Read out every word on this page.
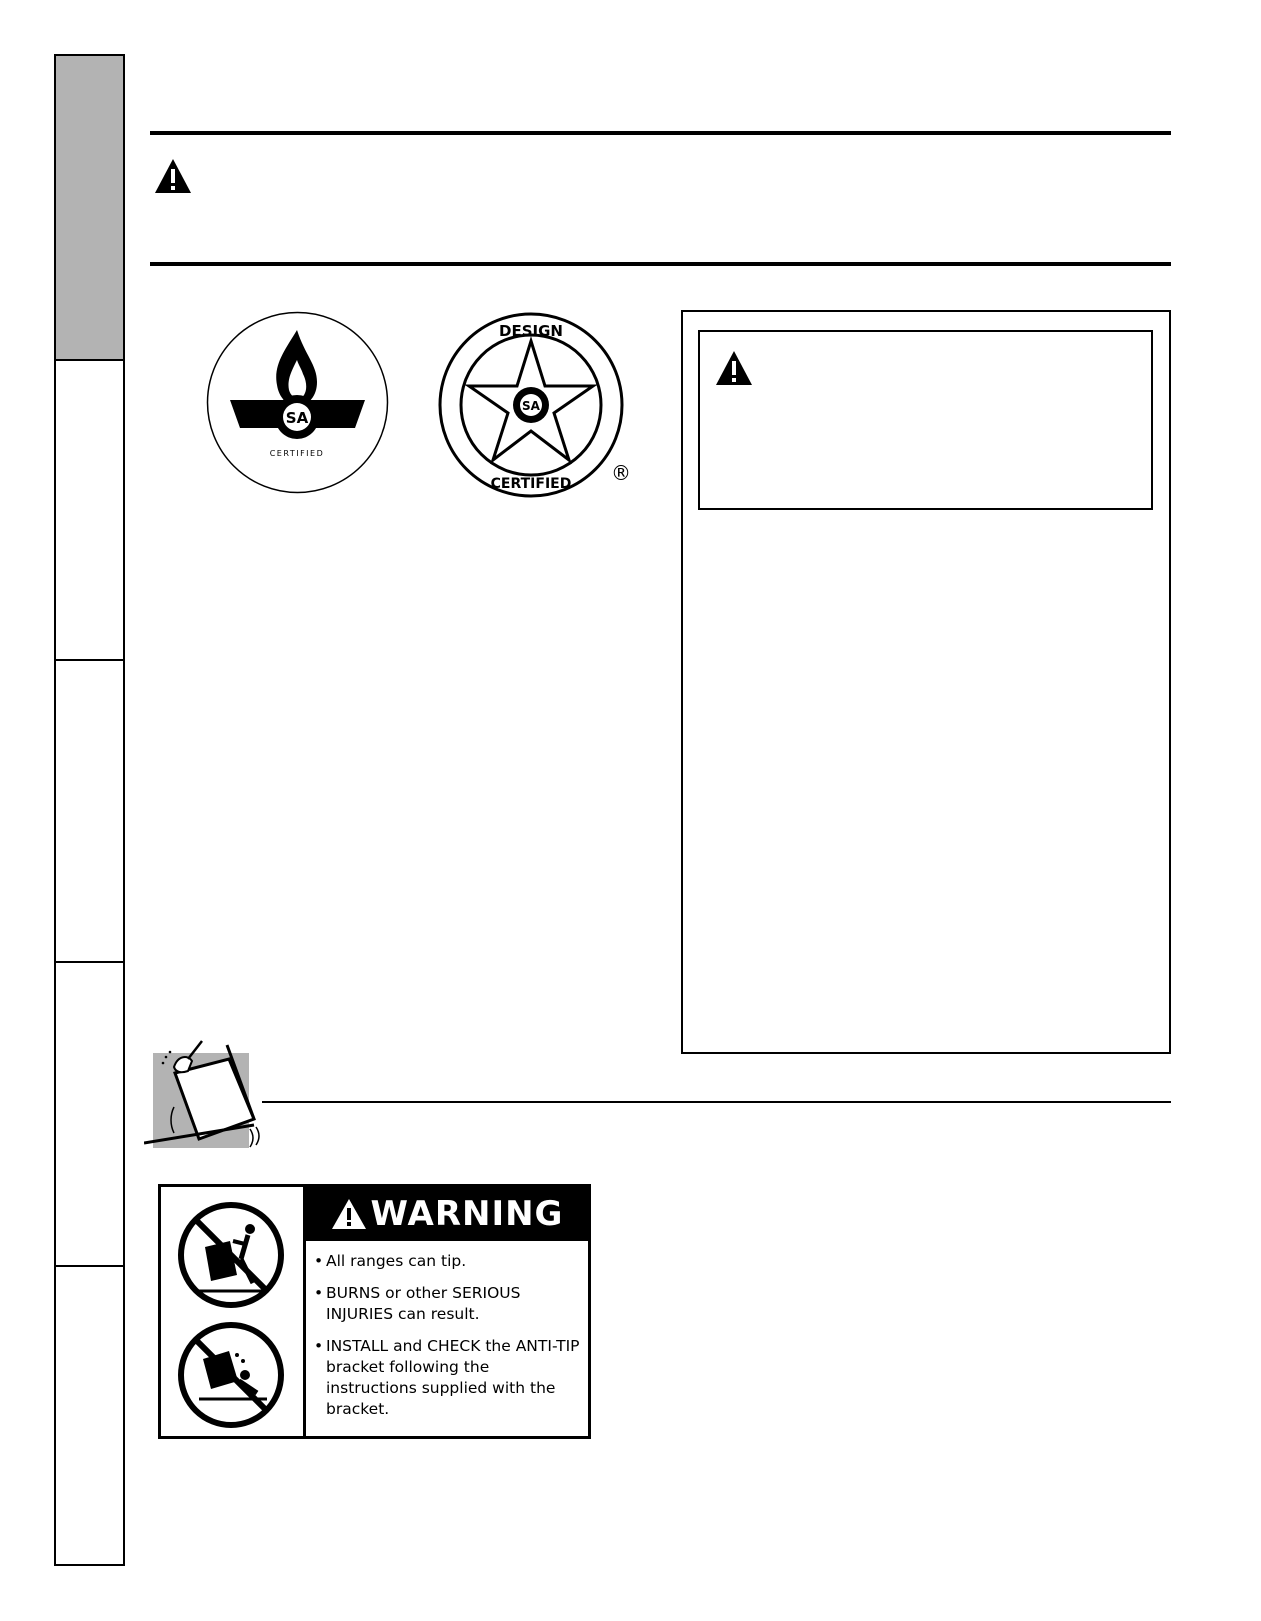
SA
CERTIFIED
SA
DESIGN
CERTIFIED ®
WARNING
• All ranges can tip.
• BURNS or other SERIOUS INJURIES can result.
• INSTALL and CHECK the ANTI-TIP bracket following the instructions supplied with the bracket.
